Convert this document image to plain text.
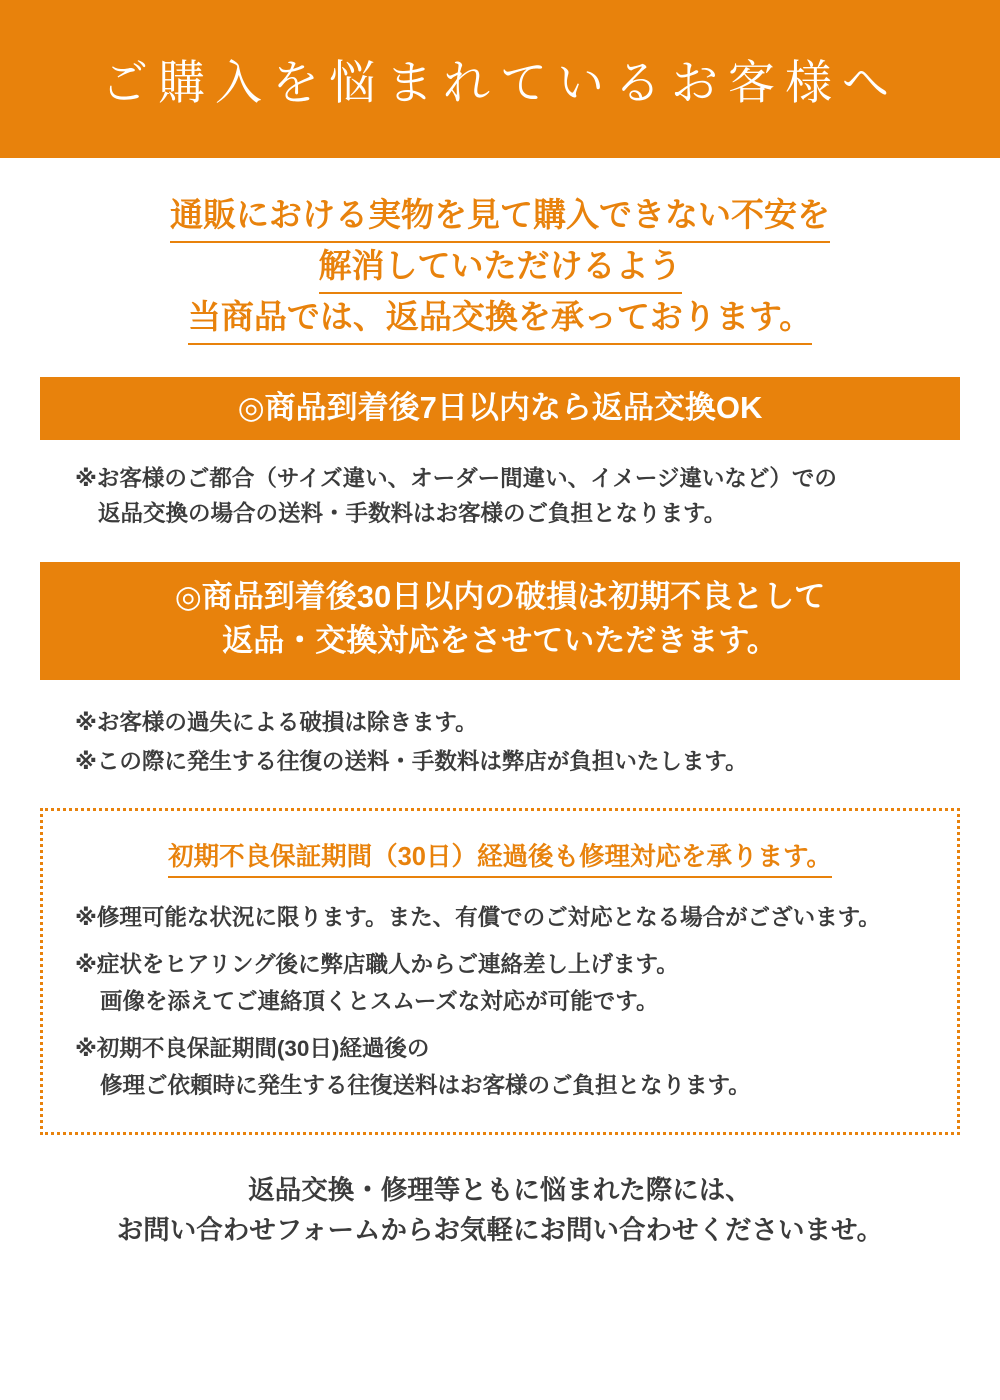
ご購入を悩まれているお客様へ
通販における実物を見て購入できない不安を
解消していただけるよう
当商品では、返品交換を承っております。
◎商品到着後7日以内なら返品交換OK
※お客様のご都合（サイズ違い、オーダー間違い、イメージ違いなど）での
返品交換の場合の送料・手数料はお客様のご負担となります。
◎商品到着後30日以内の破損は初期不良として
返品・交換対応をさせていただきます。
※お客様の過失による破損は除きます。
※この際に発生する往復の送料・手数料は弊店が負担いたします。
初期不良保証期間（30日）経過後も修理対応を承ります。
※修理可能な状況に限ります。また、有償でのご対応となる場合がございます。
※症状をヒアリング後に弊店職人からご連絡差し上げます。
画像を添えてご連絡頂くとスムーズな対応が可能です。
※初期不良保証期間(30日)経過後の
修理ご依頼時に発生する往復送料はお客様のご負担となります。
返品交換・修理等ともに悩まれた際には、
お問い合わせフォームからお気軽にお問い合わせくださいませ。
